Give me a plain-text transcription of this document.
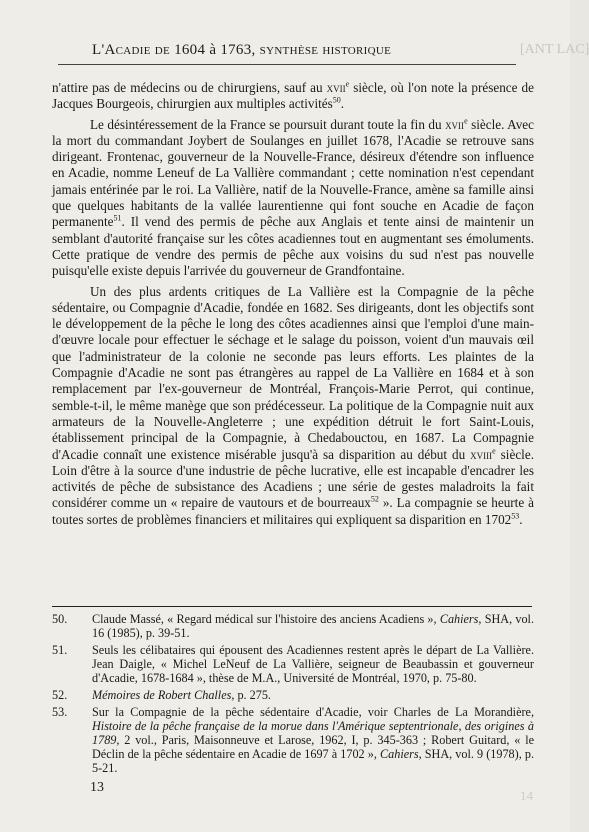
L'Acadie de 1604 à 1763, synthèse historique	[ANT LAC]

n'attire pas de médecins ou de chirurgiens, sauf au xvii$^e$ siècle, où l'on note la présence de Jacques Bourgeois, chirurgien aux multiples activités$^{50}$.

Le désintéressement de la France se poursuit durant toute la fin du xvii$^e$ siècle. Avec la mort du commandant Joybert de Soulanges en juillet 1678, l'Acadie se retrouve sans dirigeant. Frontenac, gouverneur de la Nouvelle-France, désireux d'étendre son influence en Acadie, nomme Leneuf de La Vallière commandant ; cette nomination n'est cependant jamais entérinée par le roi. La Vallière, natif de la Nouvelle-France, amène sa famille ainsi que quelques habitants de la vallée laurentienne qui font souche en Acadie de façon permanente$^{51}$. Il vend des permis de pêche aux Anglais et tente ainsi de maintenir un semblant d'autorité française sur les côtes acadiennes tout en augmentant ses émoluments. Cette pratique de vendre des permis de pêche aux voisins du sud n'est pas nouvelle puisqu'elle existe depuis l'arrivée du gouverneur de Grandfontaine.

Un des plus ardents critiques de La Vallière est la Compagnie de la pêche sédentaire, ou Compagnie d'Acadie, fondée en 1682. Ses dirigeants, dont les objectifs sont le développement de la pêche le long des côtes acadiennes ainsi que l'emploi d'une main-d'œuvre locale pour effectuer le séchage et le salage du poisson, voient d'un mauvais œil que l'administrateur de la colonie ne seconde pas leurs efforts. Les plaintes de la Compagnie d'Acadie ne sont pas étrangères au rappel de La Vallière en 1684 et à son remplacement par l'ex-gouverneur de Montréal, François-Marie Perrot, qui continue, semble-t-il, le même manège que son prédécesseur. La politique de la Compagnie nuit aux armateurs de la Nouvelle-Angleterre ; une expédition détruit le fort Saint-Louis, établissement principal de la Compagnie, à Chedabouctou, en 1687. La Compagnie d'Acadie connaît une existence misérable jusqu'à sa disparition au début du xviii$^e$ siècle. Loin d'être à la source d'une industrie de pêche lucrative, elle est incapable d'encadrer les activités de pêche de subsistance des Acadiens ; une série de gestes maladroits la fait considérer comme un « repaire de vautours et de bourreaux$^{52}$ ». La compagnie se heurte à toutes sortes de problèmes financiers et militaires qui expliquent sa disparition en 1702$^{53}$.

50.	Claude Massé, « Regard médical sur l'histoire des anciens Acadiens », Cahiers, SHA, vol. 16 (1985), p. 39-51.
51.	Seuls les célibataires qui épousent des Acadiennes restent après le départ de La Vallière. Jean Daigle, « Michel LeNeuf de La Vallière, seigneur de Beaubassin et gouverneur d'Acadie, 1678-1684 », thèse de M.A., Université de Montréal, 1970, p. 75-80.
52.	Mémoires de Robert Challes, p. 275.
53.	Sur la Compagnie de la pêche sédentaire d'Acadie, voir Charles de La Morandière, Histoire de la pêche française de la morue dans l'Amérique septentrionale, des origines à 1789, 2 vol., Paris, Maisonneuve et Larose, 1962, I, p. 345-363 ; Robert Guitard, « le Déclin de la pêche sédentaire en Acadie de 1697 à 1702 », Cahiers, SHA, vol. 9 (1978), p. 5-21.
13
14
